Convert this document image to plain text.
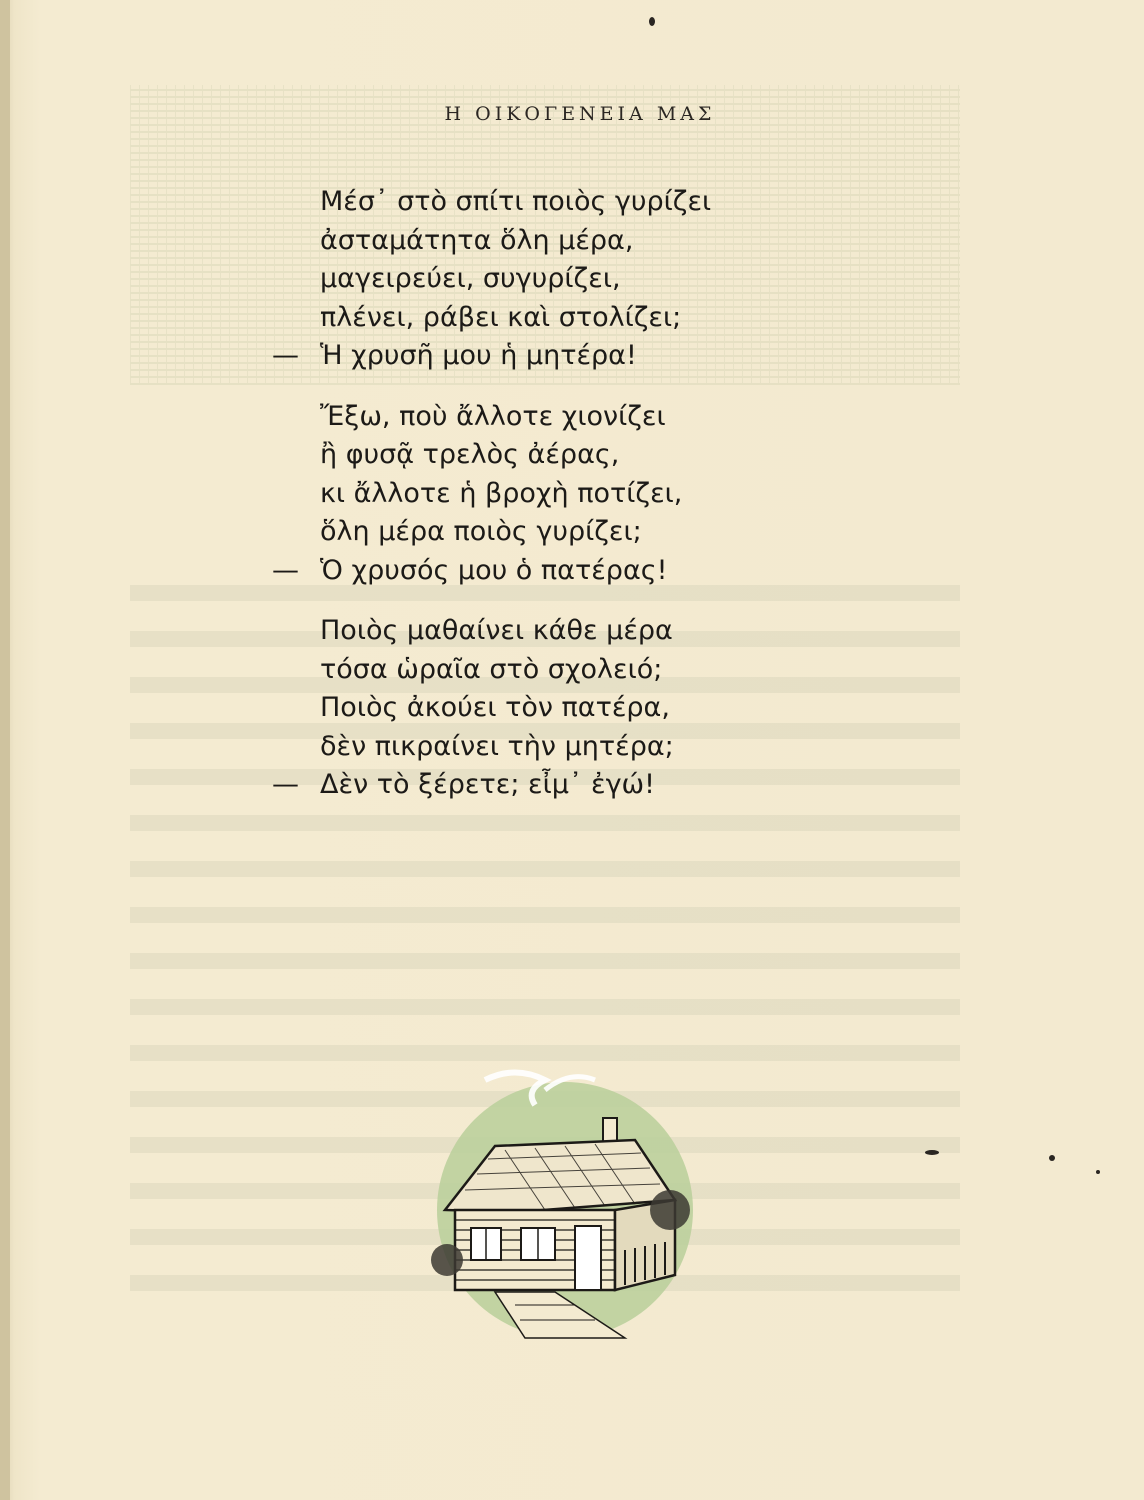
Η ΟΙΚΟΓΕΝΕΙΑ ΜΑΣ
Μέσ᾽ στὸ σπίτι ποιὸς γυρίζει
ἀσταμάτητα ὅλη μέρα,
μαγειρεύει, συγυρίζει,
πλένει, ράβει καὶ στολίζει;
— Ἡ χρυσῆ μου ἡ μητέρα!
Ἔξω, ποὺ ἄλλοτε χιονίζει
ἢ φυσᾷ τρελὸς ἀέρας,
κι ἄλλοτε ἡ βροχὴ ποτίζει,
ὅλη μέρα ποιὸς γυρίζει;
— Ὁ χρυσός μου ὁ πατέρας!
Ποιὸς μαθαίνει κάθε μέρα
τόσα ὡραῖα στὸ σχολειό;
Ποιὸς ἀκούει τὸν πατέρα,
δὲν πικραίνει τὴν μητέρα;
— Δὲν τὸ ξέρετε; εἶμ᾽ ἐγώ!
